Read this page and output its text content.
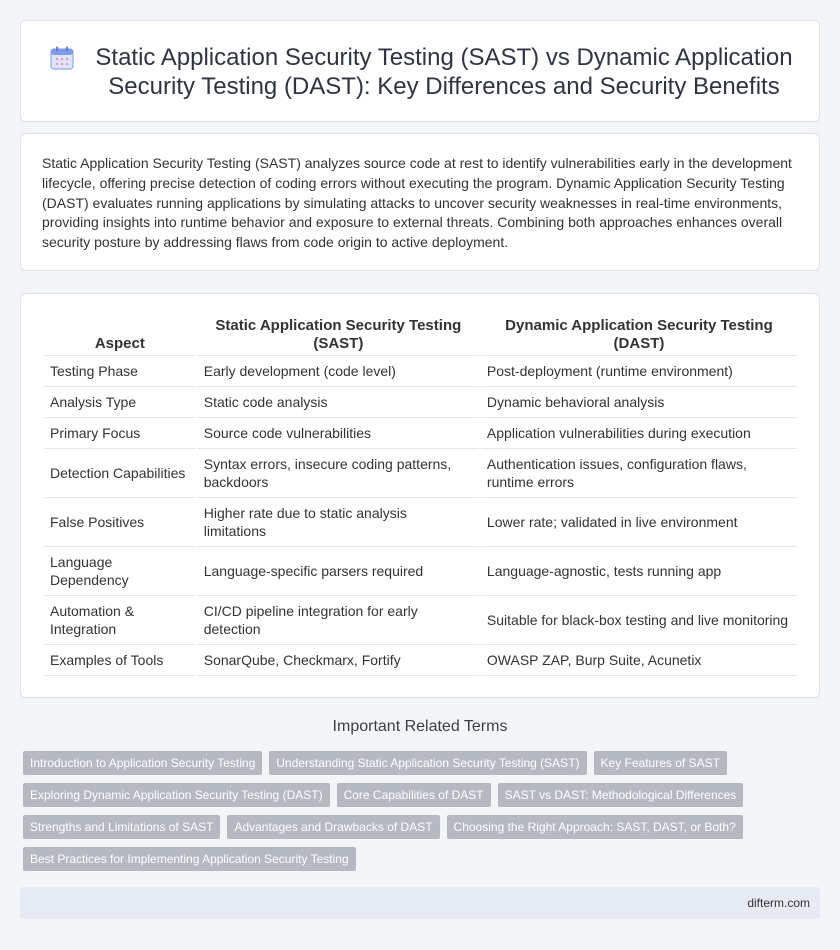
Static Application Security Testing (SAST) vs Dynamic Application Security Testing (DAST): Key Differences and Security Benefits

Static Application Security Testing (SAST) analyzes source code at rest to identify vulnerabilities early in the development lifecycle, offering precise detection of coding errors without executing the program. Dynamic Application Security Testing (DAST) evaluates running applications by simulating attacks to uncover security weaknesses in real-time environments, providing insights into runtime behavior and exposure to external threats. Combining both approaches enhances overall security posture by addressing flaws from code origin to active deployment.

Aspect	Static Application Security Testing (SAST)	Dynamic Application Security Testing (DAST)
Testing Phase	Early development (code level)	Post-deployment (runtime environment)
Analysis Type	Static code analysis	Dynamic behavioral analysis
Primary Focus	Source code vulnerabilities	Application vulnerabilities during execution
Detection Capabilities	Syntax errors, insecure coding patterns, backdoors	Authentication issues, configuration flaws, runtime errors
False Positives	Higher rate due to static analysis limitations	Lower rate; validated in live environment
Language Dependency	Language-specific parsers required	Language-agnostic, tests running app
Automation & Integration	CI/CD pipeline integration for early detection	Suitable for black-box testing and live monitoring
Examples of Tools	SonarQube, Checkmarx, Fortify	OWASP ZAP, Burp Suite, Acunetix
Important Related Terms
Introduction to Application Security Testing	Understanding Static Application Security Testing (SAST)	Key Features of SAST
Exploring Dynamic Application Security Testing (DAST)	Core Capabilities of DAST	SAST vs DAST: Methodological Differences
Strengths and Limitations of SAST	Advantages and Drawbacks of DAST	Choosing the Right Approach: SAST, DAST, or Both?
Best Practices for Implementing Application Security Testing
difterm.com
